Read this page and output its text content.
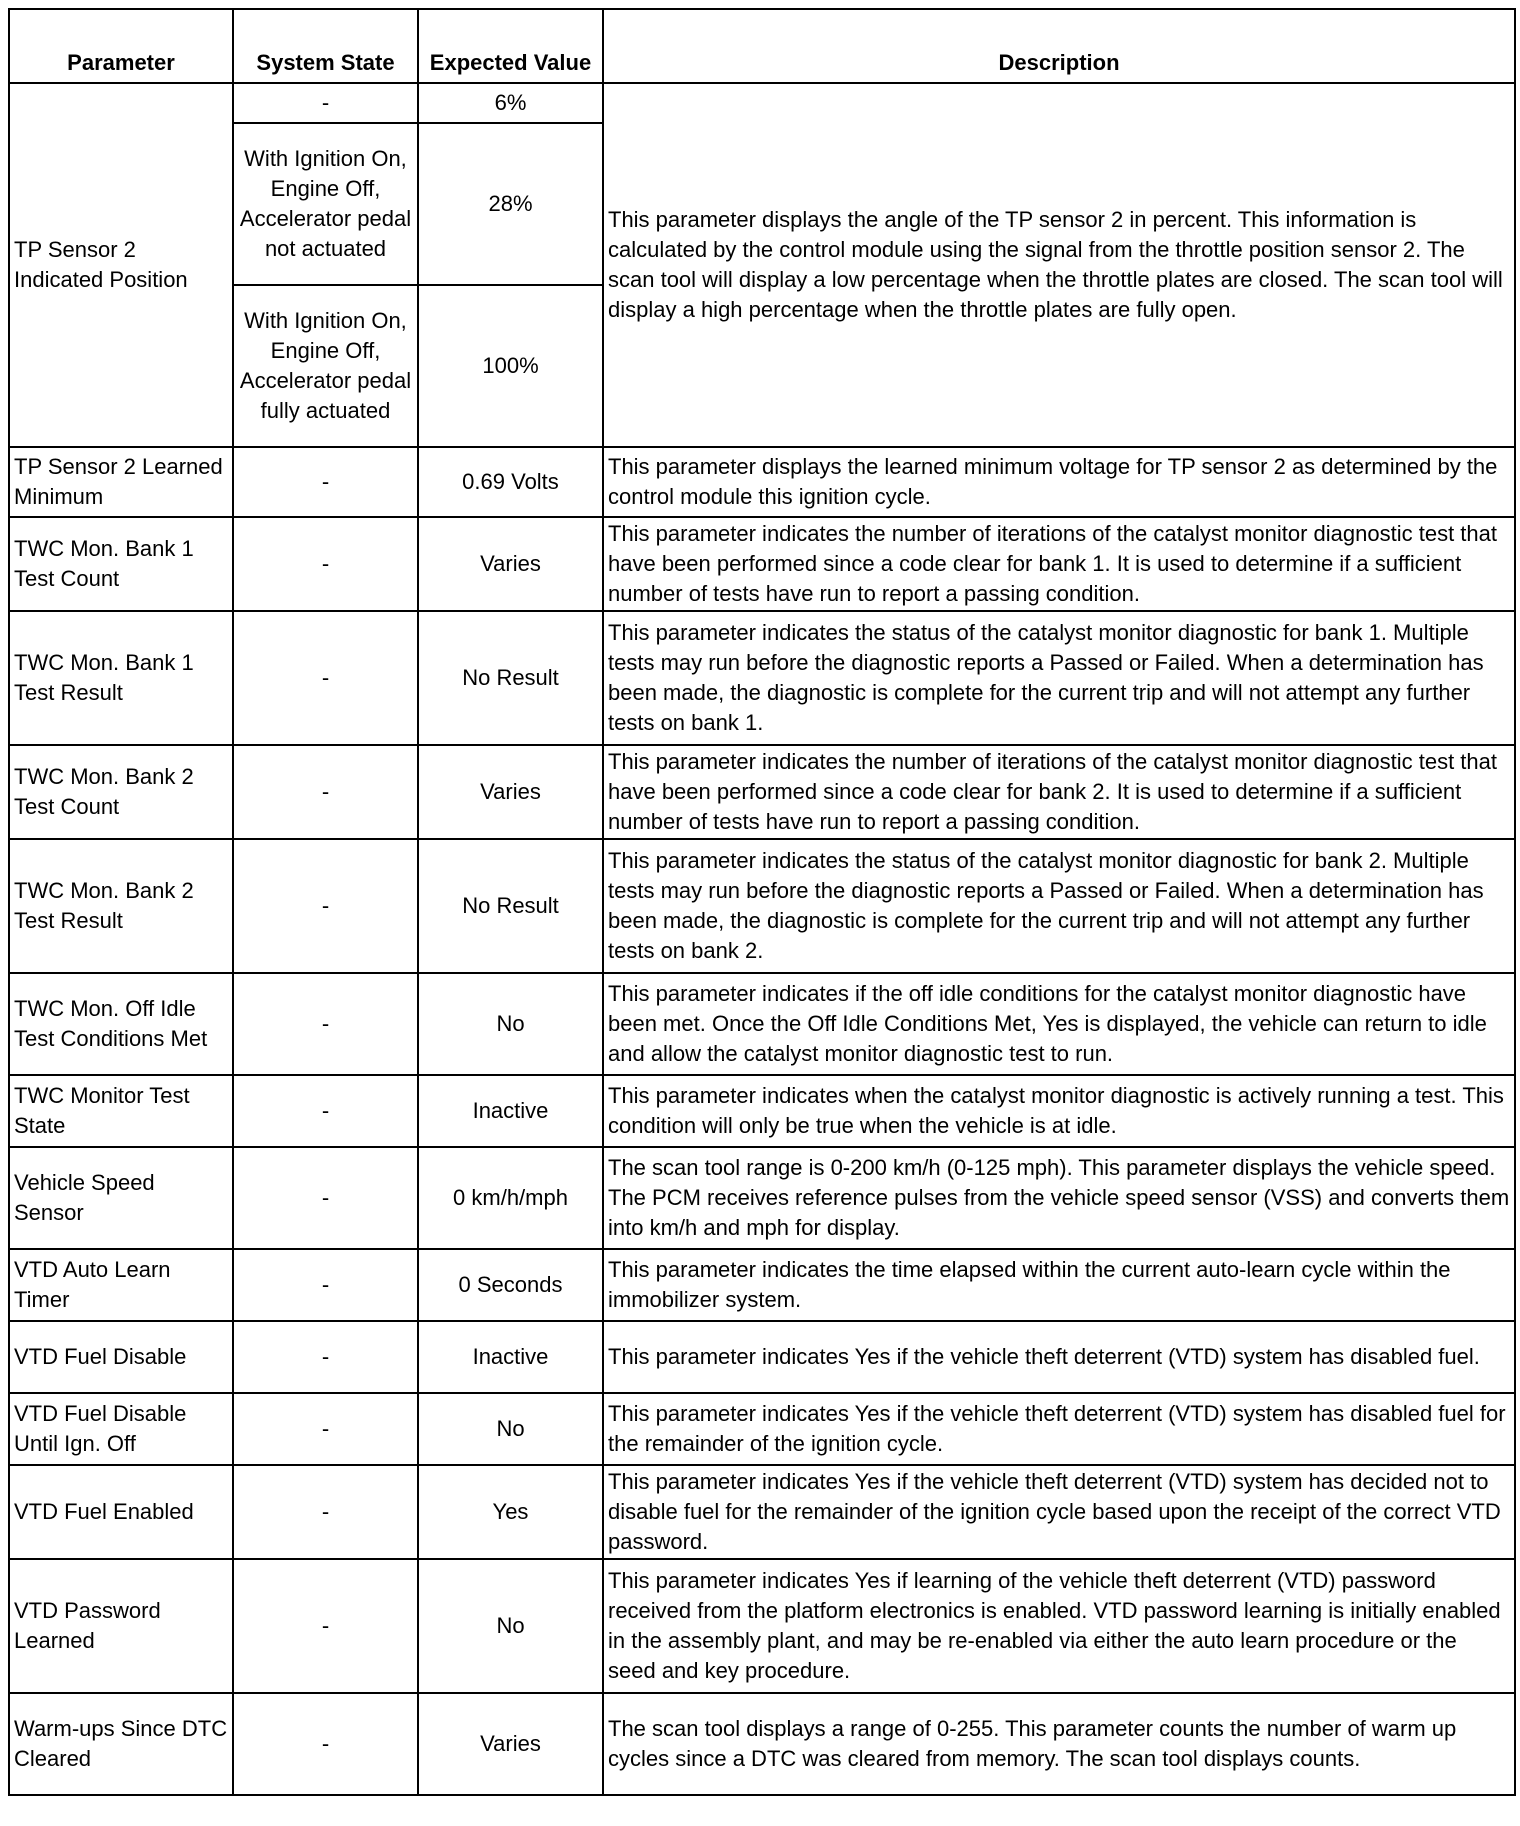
Parameter	System State	Expected Value	Description
TP Sensor 2 Indicated Position	-	6%	This parameter displays the angle of the TP sensor 2 in percent. This information is calculated by the control module using the signal from the throttle position sensor 2. The scan tool will display a low percentage when the throttle plates are closed. The scan tool will display a high percentage when the throttle plates are fully open.
	With Ignition On, Engine Off, Accelerator pedal not actuated	28%	
	With Ignition On, Engine Off, Accelerator pedal fully actuated	100%	
TP Sensor 2 Learned Minimum	-	0.69 Volts	This parameter displays the learned minimum voltage for TP sensor 2 as determined by the control module this ignition cycle.
TWC Mon. Bank 1 Test Count	-	Varies	This parameter indicates the number of iterations of the catalyst monitor diagnostic test that have been performed since a code clear for bank 1. It is used to determine if a sufficient number of tests have run to report a passing condition.
TWC Mon. Bank 1 Test Result	-	No Result	This parameter indicates the status of the catalyst monitor diagnostic for bank 1. Multiple tests may run before the diagnostic reports a Passed or Failed. When a determination has been made, the diagnostic is complete for the current trip and will not attempt any further tests on bank 1.
TWC Mon. Bank 2 Test Count	-	Varies	This parameter indicates the number of iterations of the catalyst monitor diagnostic test that have been performed since a code clear for bank 2. It is used to determine if a sufficient number of tests have run to report a passing condition.
TWC Mon. Bank 2 Test Result	-	No Result	This parameter indicates the status of the catalyst monitor diagnostic for bank 2. Multiple tests may run before the diagnostic reports a Passed or Failed. When a determination has been made, the diagnostic is complete for the current trip and will not attempt any further tests on bank 2.
TWC Mon. Off Idle Test Conditions Met	-	No	This parameter indicates if the off idle conditions for the catalyst monitor diagnostic have been met. Once the Off Idle Conditions Met, Yes is displayed, the vehicle can return to idle and allow the catalyst monitor diagnostic test to run.
TWC Monitor Test State	-	Inactive	This parameter indicates when the catalyst monitor diagnostic is actively running a test. This condition will only be true when the vehicle is at idle.
Vehicle Speed Sensor	-	0 km/h/mph	The scan tool range is 0-200 km/h (0-125 mph). This parameter displays the vehicle speed. The PCM receives reference pulses from the vehicle speed sensor (VSS) and converts them into km/h and mph for display.
VTD Auto Learn Timer	-	0 Seconds	This parameter indicates the time elapsed within the current auto-learn cycle within the immobilizer system.
VTD Fuel Disable	-	Inactive	This parameter indicates Yes if the vehicle theft deterrent (VTD) system has disabled fuel.
VTD Fuel Disable Until Ign. Off	-	No	This parameter indicates Yes if the vehicle theft deterrent (VTD) system has disabled fuel for the remainder of the ignition cycle.
VTD Fuel Enabled	-	Yes	This parameter indicates Yes if the vehicle theft deterrent (VTD) system has decided not to disable fuel for the remainder of the ignition cycle based upon the receipt of the correct VTD password.
VTD Password Learned	-	No	This parameter indicates Yes if learning of the vehicle theft deterrent (VTD) password received from the platform electronics is enabled. VTD password learning is initially enabled in the assembly plant, and may be re-enabled via either the auto learn procedure or the seed and key procedure.
Warm-ups Since DTC Cleared	-	Varies	The scan tool displays a range of 0-255. This parameter counts the number of warm up cycles since a DTC was cleared from memory. The scan tool displays counts.
